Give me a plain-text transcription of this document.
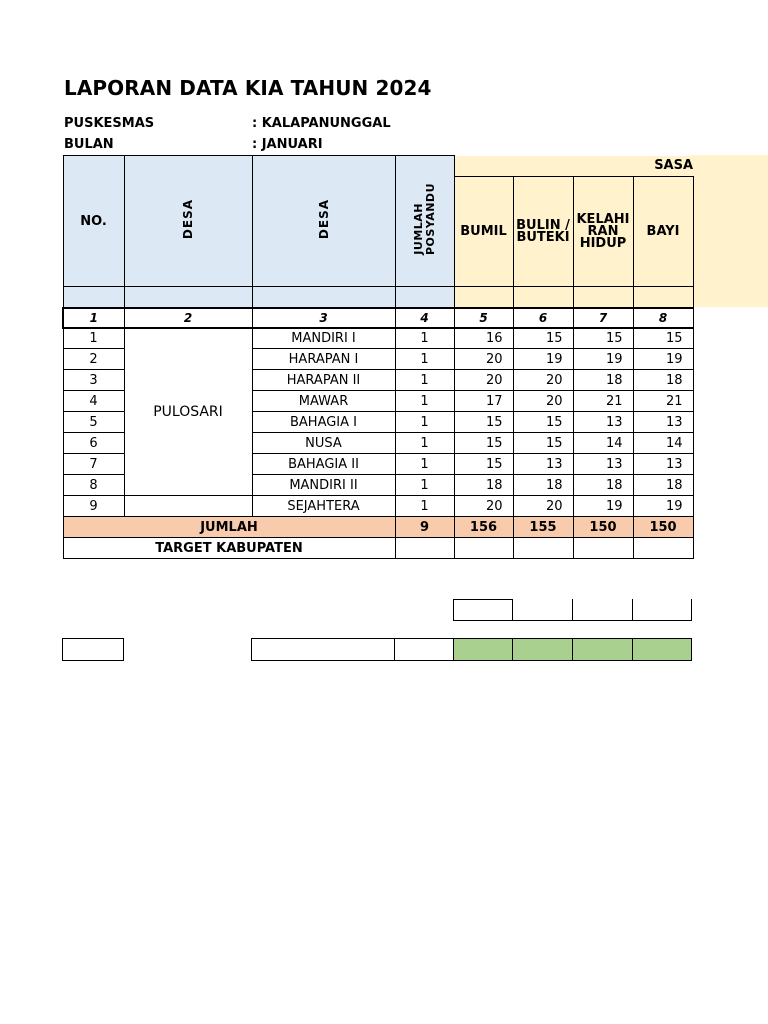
LAPORAN DATA KIA TAHUN 2024
PUSKESMAS	: KALAPANUNGGAL
BULAN	: JANUARI
NO.	DESA	DESA	JUMLAHPOSYANDU	SASA			
				BUMIL	BULIN / BUTEKI	KELAHI RAN HIDUP	BAYI

1	2	3	4	5	6	7	8
1	PULOSARI	MANDIRI I	1	16	15	15	15
2		HARAPAN I	1	20	19	19	19
3		HARAPAN II	1	20	20	18	18
4		MAWAR	1	17	20	21	21
5		BAHAGIA I	1	15	15	13	13
6		NUSA	1	15	15	14	14
7		BAHAGIA II	1	15	13	13	13
8		MANDIRI II	1	18	18	18	18
9		SEJAHTERA	1	20	20	19	19
JUMLAH			9	156	155	150	150
TARGET KABUPATEN							
